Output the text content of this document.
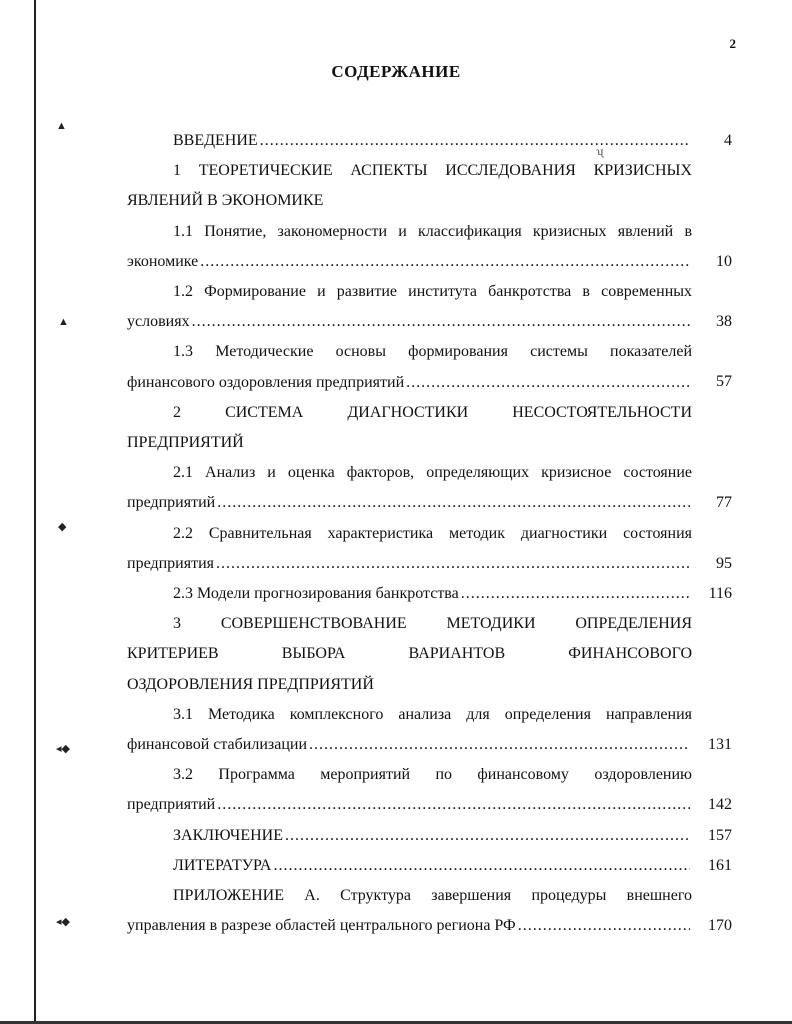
▲
▲
◆
◂◆
◂◆
2
СОДЕРЖАНИЕ
ВВЕДЕНИЕ .....	4
1 ТЕОРЕТИЧЕСКИЕ АСПЕКТЫ ИССЛЕДОВАНИЯ КРИЗИСНЫХ
ЯВЛЕНИЙ В ЭКОНОМИКЕ
1.1 Понятие, закономерности и классификация кризисных явлений в
экономике .....	10
1.2 Формирование и развитие института банкротства в современных
условиях .....	38
1.3 Методические основы формирования системы показателей
финансового оздоровления предприятий .....	57
2 СИСТЕМА ДИАГНОСТИКИ НЕСОСТОЯТЕЛЬНОСТИ
ПРЕДПРИЯТИЙ
2.1 Анализ и оценка факторов, определяющих кризисное состояние
предприятий .....	77
2.2 Сравнительная характеристика методик диагностики состояния
предприятия .....	95
2.3 Модели прогнозирования банкротства .....	116
3 СОВЕРШЕНСТВОВАНИЕ МЕТОДИКИ ОПРЕДЕЛЕНИЯ
КРИТЕРИЕВ ВЫБОРА ВАРИАНТОВ ФИНАНСОВОГО
ОЗДОРОВЛЕНИЯ ПРЕДПРИЯТИЙ
3.1 Методика комплексного анализа для определения направления
финансовой стабилизации .....	131
3.2 Программа мероприятий по финансовому оздоровлению
предприятий .....	142
ЗАКЛЮЧЕНИЕ .....	157
ЛИТЕРАТУРА .....	161
ПРИЛОЖЕНИЕ А. Структура завершения процедуры внешнего
управления в разрезе областей центрального региона РФ .....	170
ʯ
